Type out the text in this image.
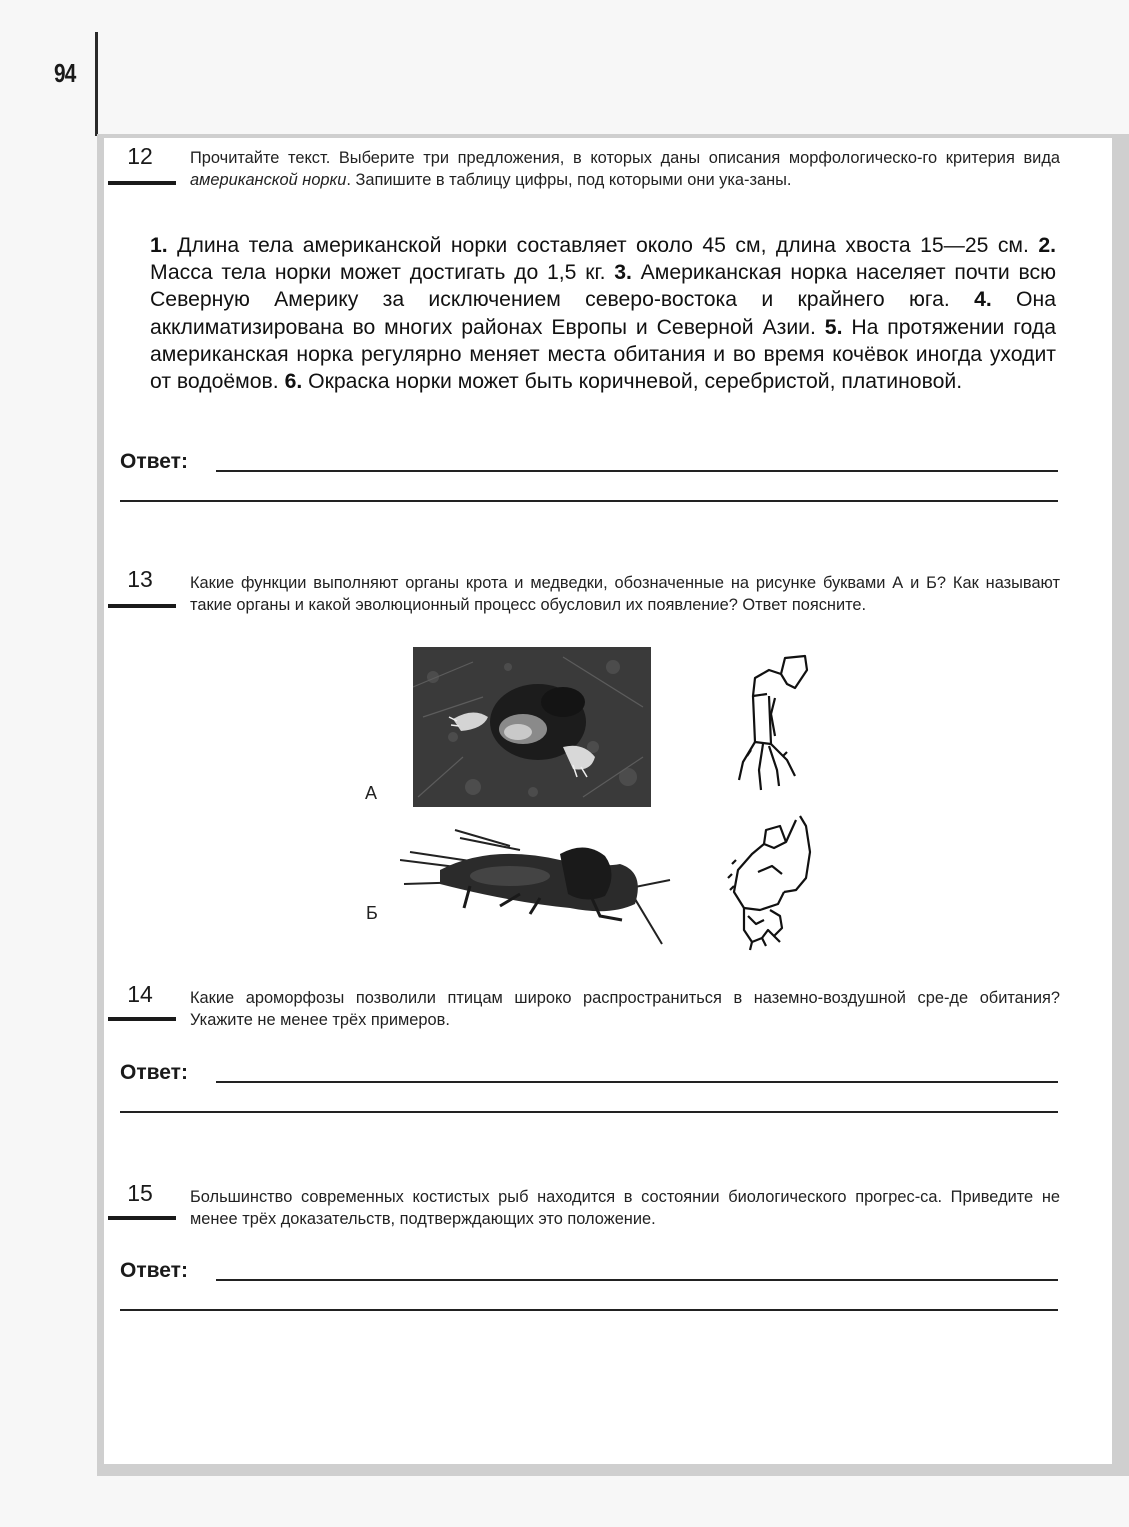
94
12	Прочитайте текст. Выберите три предложения, в которых даны описания морфологическо-го критерия вида американской норки. Запишите в таблицу цифры, под которыми они ука-заны.
1. Длина тела американской норки составляет около 45 см, длина хвоста 15—25 см. 2. Масса тела норки может достигать до 1,5 кг. 3. Американская норка населяет почти всю Северную Америку за исключением северо-востока и крайнего юга. 4. Она акклиматизирована во многих районах Европы и Северной Азии. 5. На протяжении года американская норка регулярно меняет места обитания и во время кочёвок иногда уходит от водоёмов. 6. Окраска норки может быть коричневой, серебристой, платиновой.
Ответ:
13	Какие функции выполняют органы крота и медведки, обозначенные на рисунке буквами А и Б? Как называют такие органы и какой эволюционный процесс обусловил их появление? Ответ поясните.
А
Б
14	Какие ароморфозы позволили птицам широко распространиться в наземно-воздушной сре-де обитания? Укажите не менее трёх примеров.
Ответ:
15	Большинство современных костистых рыб находится в состоянии биологического прогрес-са. Приведите не менее трёх доказательств, подтверждающих это положение.
Ответ:
